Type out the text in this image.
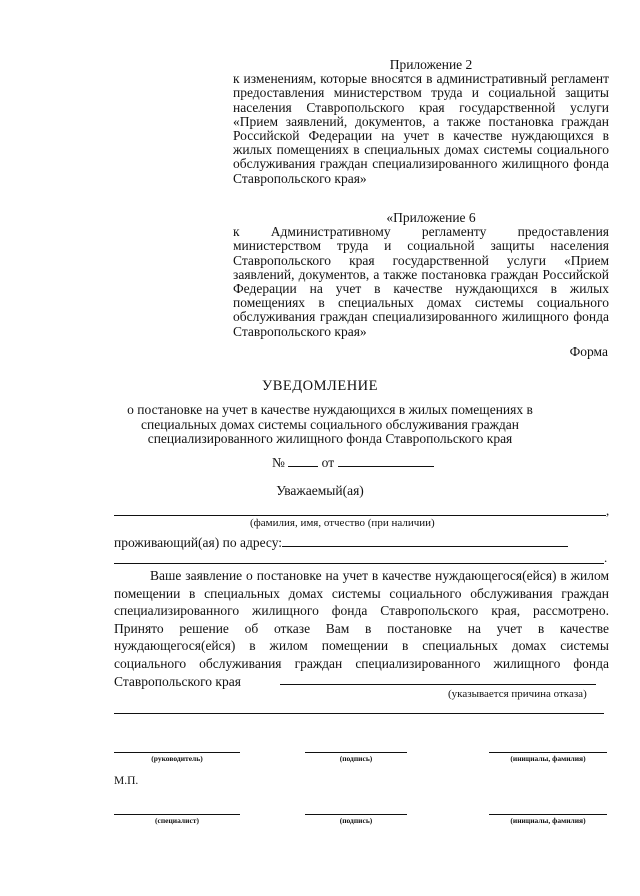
Приложение 2
к изменениям, которые вносятся в административный регламент предоставления министерством труда и социальной защиты населения Ставропольского края государственной услуги «Прием заявлений, документов, а также постановка граждан Российской Федерации на учет в качестве нуждающихся в жилых помещениях в специальных домах системы социального обслуживания граждан специализированного жилищного фонда Ставропольского края»
«Приложение 6
к Административному регламенту предоставления министерством труда и социальной защиты населения Ставропольского края государственной услуги «Прием заявлений, документов, а также постановка граждан Российской Федерации на учет в качестве нуждающихся в жилых помещениях в специальных домах системы социального обслуживания граждан специализированного жилищного фонда Ставропольского края»
Форма
УВЕДОМЛЕНИЕ
о постановке на учет в качестве нуждающихся в жилых помещениях в специальных домах системы социального обслуживания граждан специализированного жилищного фонда Ставропольского края
№	от
Уважаемый(ая)
,
(фамилия, имя, отчество (при наличии)
проживающий(ая) по адресу:
.

Ваше заявление о постановке на учет в качестве нуждающегося(ейся) в жилом помещении в специальных домах системы социального обслуживания граждан специализированного жилищного фонда Ставропольского края, рассмотрено. Принято решение об отказе Вам в постановке на учет в качестве нуждающегося(ейся) в жилом помещении в специальных домах системы социального обслуживания граждан специализированного жилищного фонда Ставропольского края

(указывается причина отказа)
(руководитель)	(подпись)	(инициалы, фамилия)
М.П.
(специалист)	(подпись)	(инициалы, фамилия)
